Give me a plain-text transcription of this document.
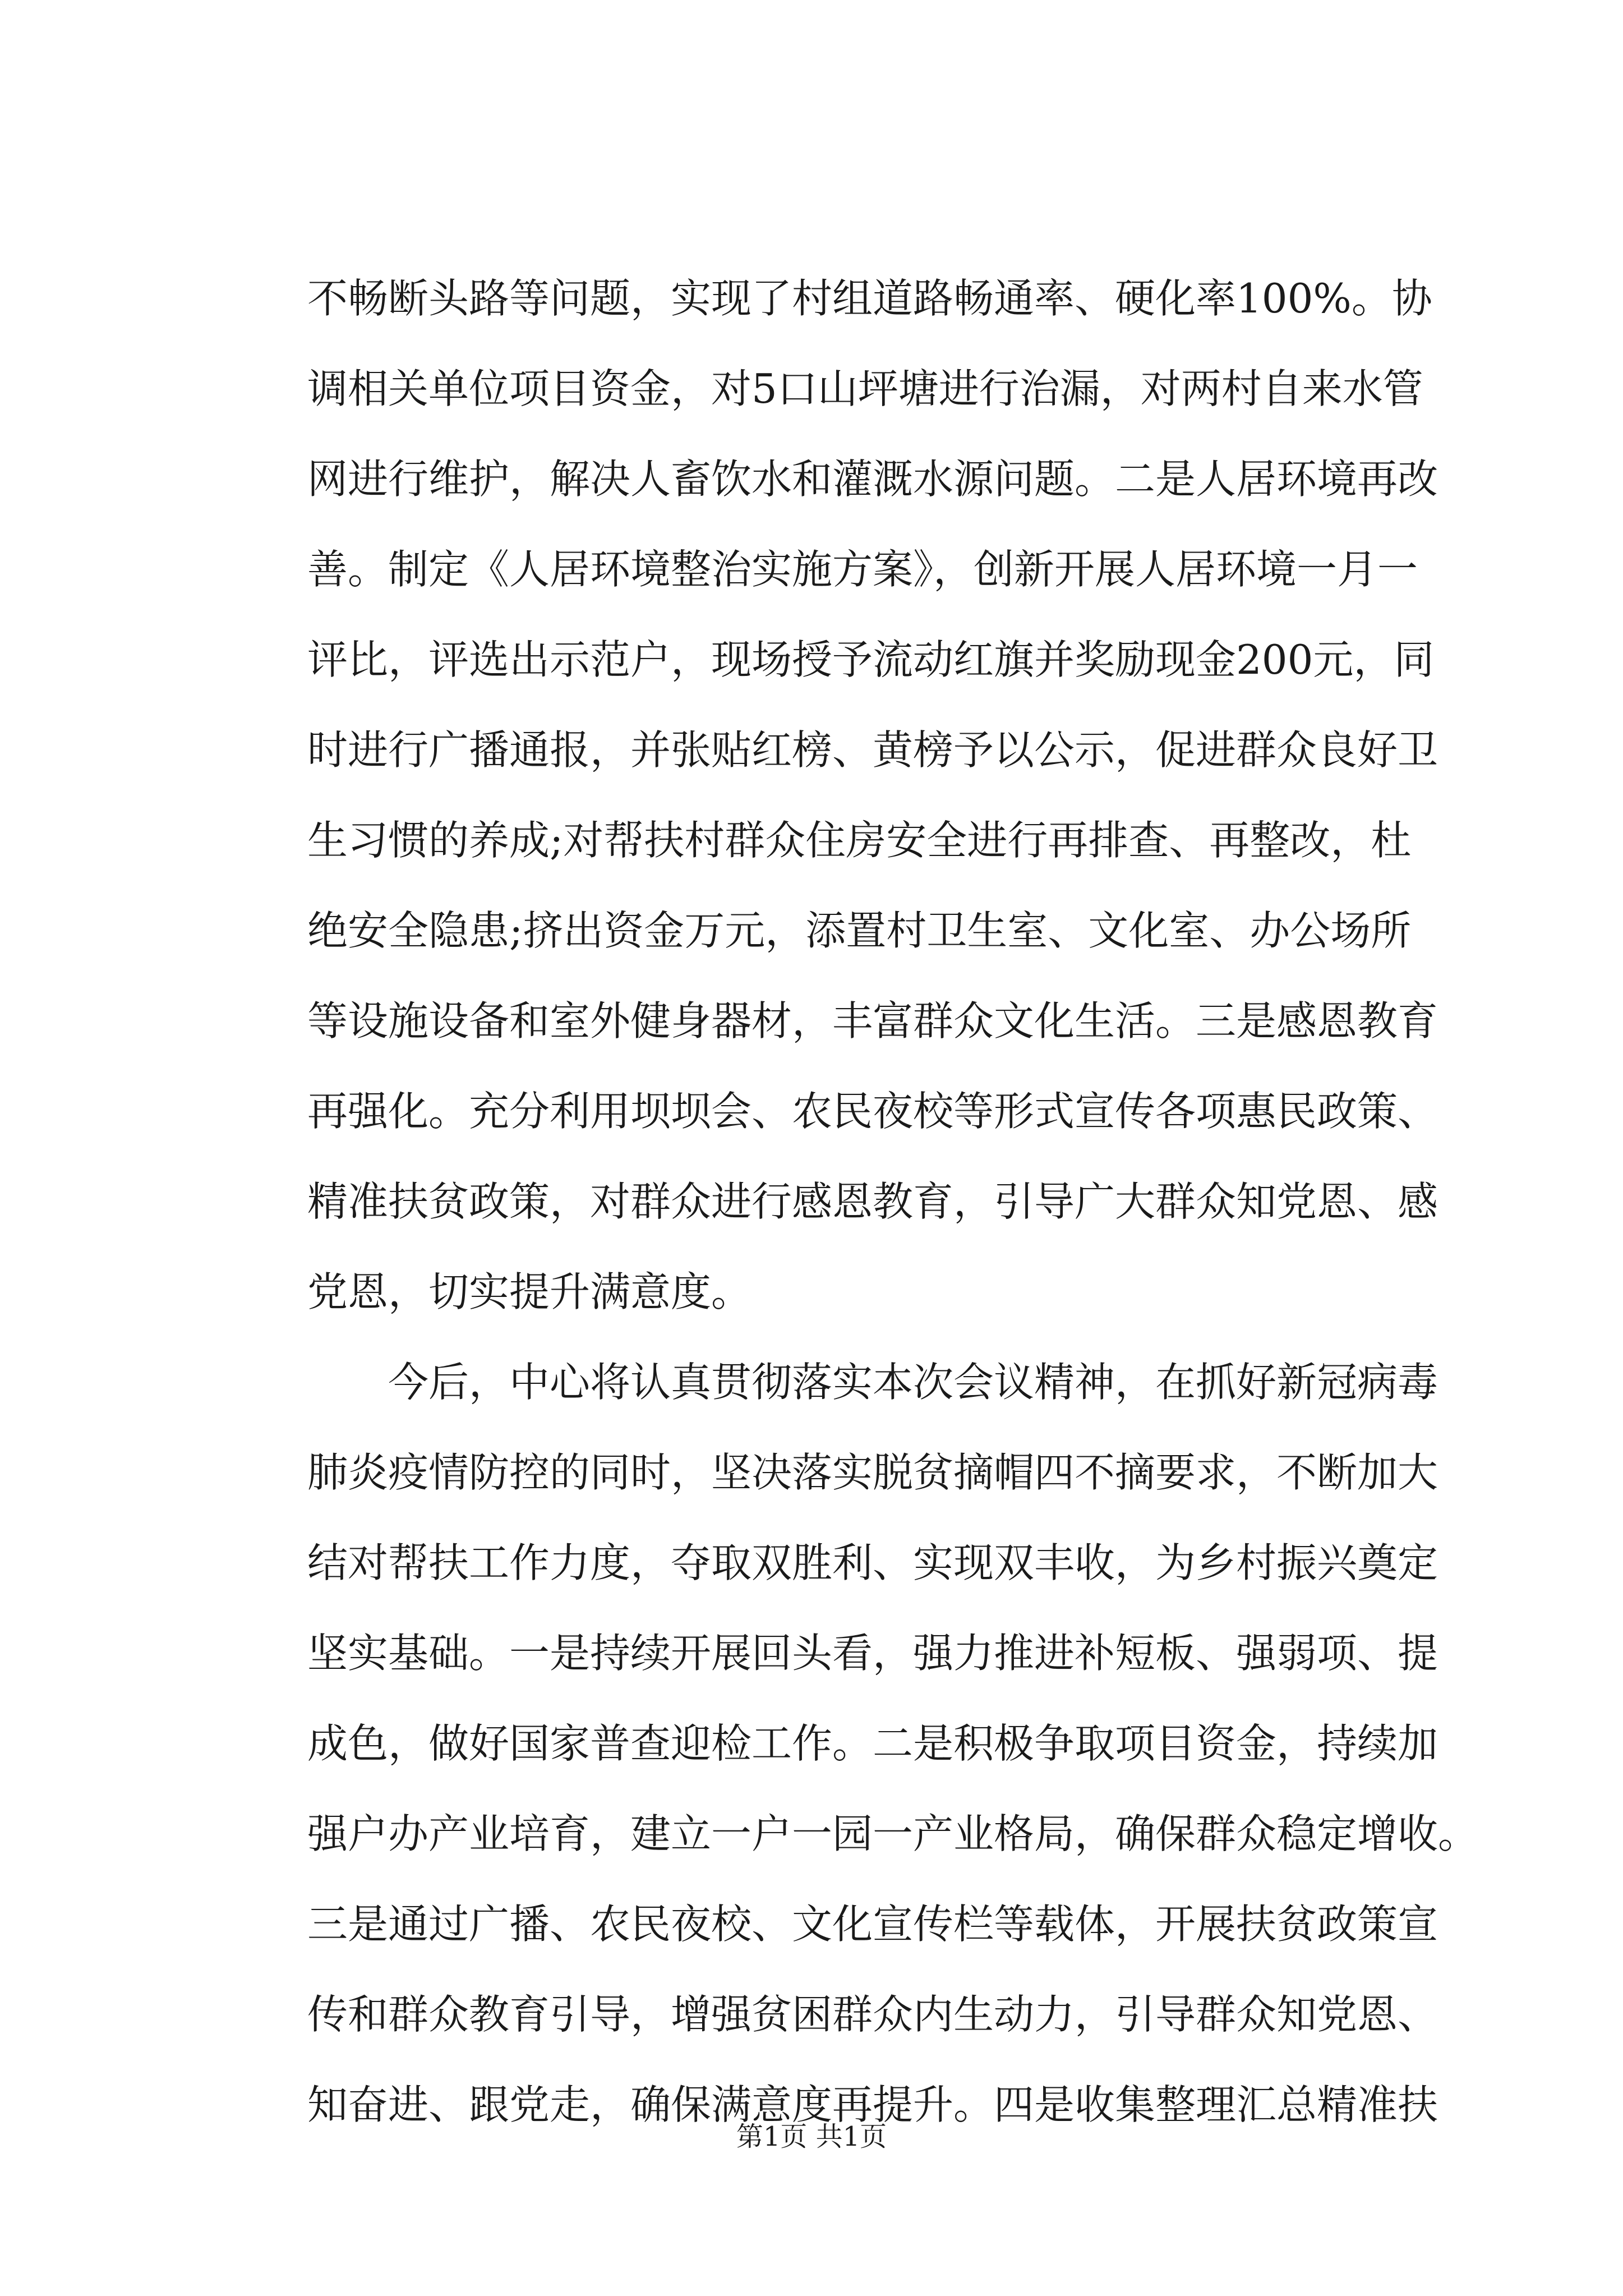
不畅断头路等问题，实现了村组道路畅通率、硬化率100%。协
调相关单位项目资金，对5口山坪塘进行治漏，对两村自来水管
网进行维护，解决人畜饮水和灌溉水源问题。二是人居环境再改
善。制定《人居环境整治实施方案》，创新开展人居环境一月一
评比，评选出示范户，现场授予流动红旗并奖励现金200元，同
时进行广播通报，并张贴红榜、黄榜予以公示，促进群众良好卫
生习惯的养成;对帮扶村群众住房安全进行再排查、再整改，杜
绝安全隐患;挤出资金万元，添置村卫生室、文化室、办公场所
等设施设备和室外健身器材，丰富群众文化生活。三是感恩教育
再强化。充分利用坝坝会、农民夜校等形式宣传各项惠民政策、
精准扶贫政策，对群众进行感恩教育，引导广大群众知党恩、感
党恩，切实提升满意度。
　　今后，中心将认真贯彻落实本次会议精神，在抓好新冠病毒
肺炎疫情防控的同时，坚决落实脱贫摘帽四不摘要求，不断加大
结对帮扶工作力度，夺取双胜利、实现双丰收，为乡村振兴奠定
坚实基础。一是持续开展回头看，强力推进补短板、强弱项、提
成色，做好国家普查迎检工作。二是积极争取项目资金，持续加
强户办产业培育，建立一户一园一产业格局，确保群众稳定增收。
三是通过广播、农民夜校、文化宣传栏等载体，开展扶贫政策宣
传和群众教育引导，增强贫困群众内生动力，引导群众知党恩、
知奋进、跟党走，确保满意度再提升。四是收集整理汇总精准扶
第1页 共1页
